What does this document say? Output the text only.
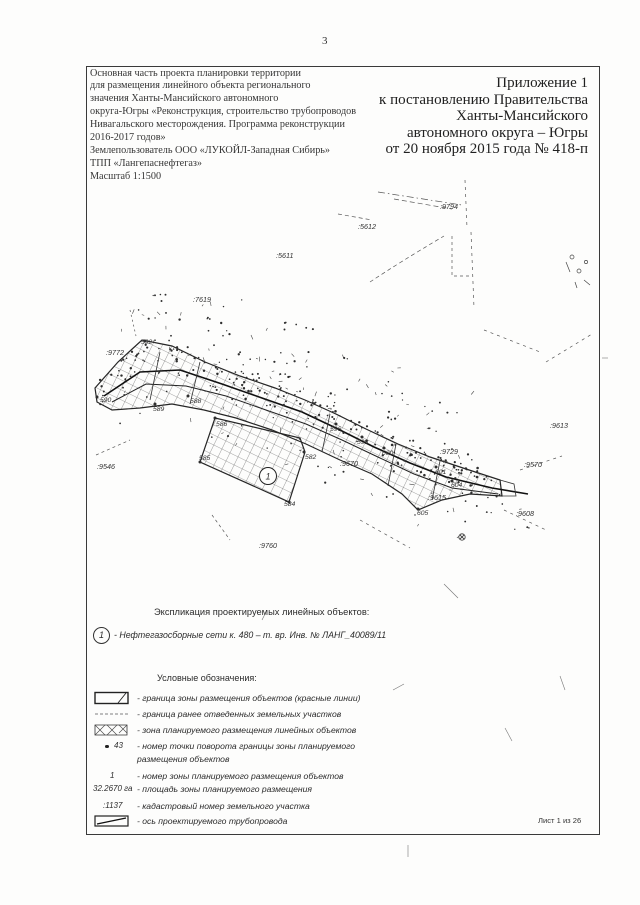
1
:9794
:5612
:5611
:7619
:9772
:9670
:9729
:9615
:9613
:9570
:9608
:9546
:9760
592
590
589
588
586
585
584
582
596
598
600
601
604
605
3
Основная часть проекта планировки территории
для размещения линейного объекта регионального
значения Ханты-Мансийского автономного
округа-Югры «Реконструкция, строительство трубопроводов
Нивагальского месторождения. Программа реконструкции
2016-2017 годов»
Землепользователь ООО «ЛУКОЙЛ-Западная Сибирь»
ТПП «Лангепаснефтегаз»
Масштаб 1:1500
Приложение 1
к постановлению Правительства
Ханты-Мансийского
автономного округа – Югры
от 20 ноября 2015 года № 418-п
Экспликация проектируемых линейных объектов:
1	- Нефтегазосборные сети к. 480 – т. вр. Инв. № ЛАНГ_40089/11
Условные обозначения:
- граница зоны размещения объектов (красные линии)
- граница ранее отведенных земельных участков
- зона планируемого размещения линейных объектов
43 - номер точки поворота границы зоны планируемого
размещения объектов
1
32.2670 га
- номер зоны планируемого размещения объектов
- площадь зоны планируемого размещения
:1137 - кадастровый номер земельного участка
- ось проектируемого трубопровода	Лист 1 из 26
